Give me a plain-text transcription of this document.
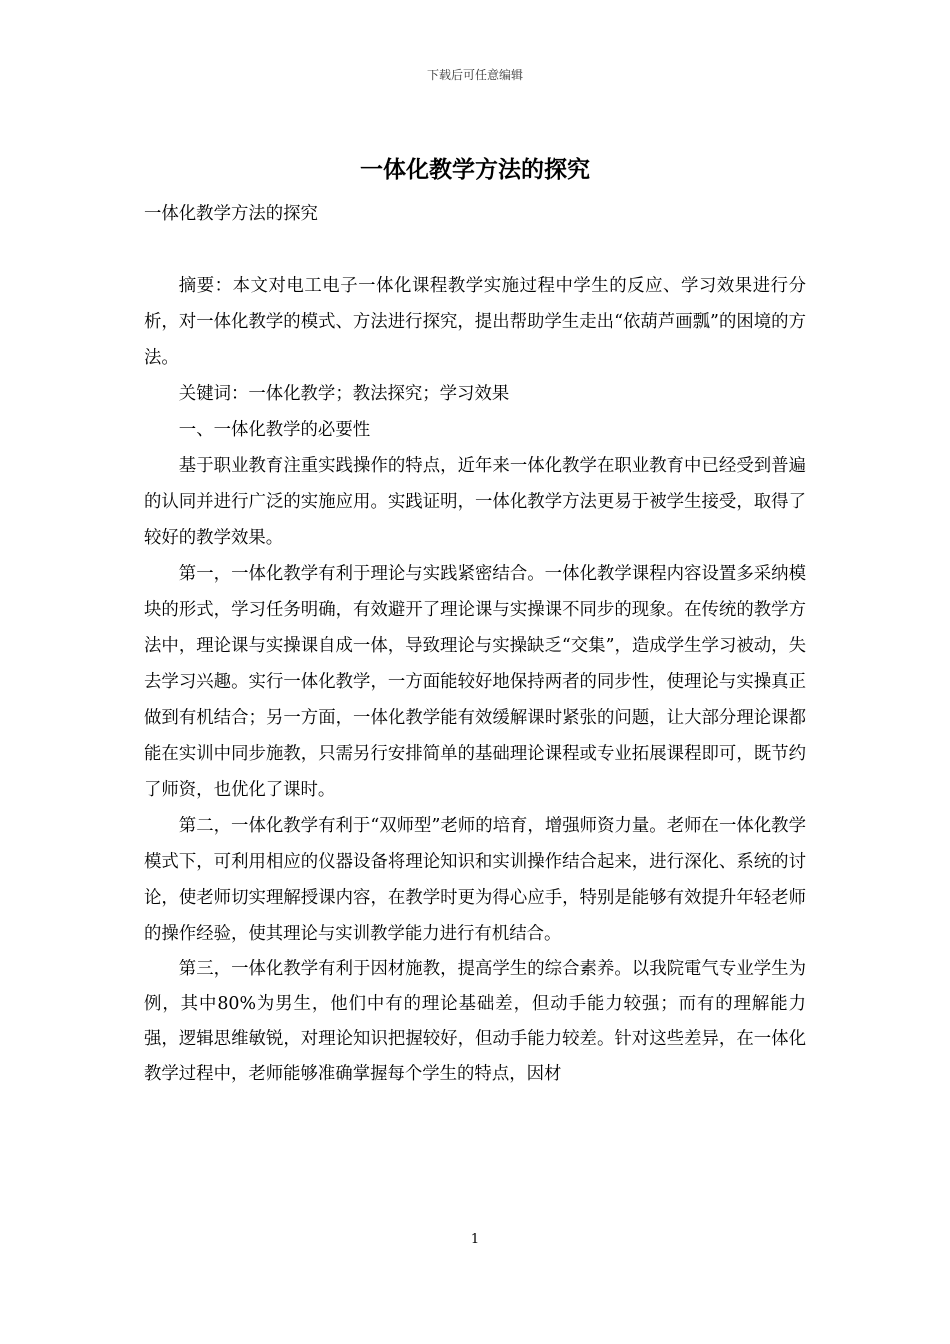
下载后可任意编辑
一体化教学方法的探究

一体化教学方法的探究

摘要：本文对电工电子一体化课程教学实施过程中学生的反应、学习效果进行分析，对一体化教学的模式、方法进行探究，提出帮助学生走出“依葫芦画瓢”的困境的方法。

关键词：一体化教学；教法探究；学习效果

一、一体化教学的必要性

基于职业教育注重实践操作的特点，近年来一体化教学在职业教育中已经受到普遍的认同并进行广泛的实施应用。实践证明，一体化教学方法更易于被学生接受，取得了较好的教学效果。

第一，一体化教学有利于理论与实践紧密结合。一体化教学课程内容设置多采纳模块的形式，学习任务明确，有效避开了理论课与实操课不同步的现象。在传统的教学方法中，理论课与实操课自成一体，导致理论与实操缺乏“交集”，造成学生学习被动，失去学习兴趣。实行一体化教学，一方面能较好地保持两者的同步性，使理论与实操真正做到有机结合；另一方面，一体化教学能有效缓解课时紧张的问题，让大部分理论课都能在实训中同步施教，只需另行安排简单的基础理论课程或专业拓展课程即可，既节约了师资，也优化了课时。

第二，一体化教学有利于“双师型”老师的培育，增强师资力量。老师在一体化教学模式下，可利用相应的仪器设备将理论知识和实训操作结合起来，进行深化、系统的讨论，使老师切实理解授课内容，在教学时更为得心应手，特别是能够有效提升年轻老师的操作经验，使其理论与实训教学能力进行有机结合。

第三，一体化教学有利于因材施教，提高学生的综合素养。以我院電气专业学生为例，其中80%为男生，他们中有的理论基础差，但动手能力较强；而有的理解能力强，逻辑思维敏锐，对理论知识把握较好，但动手能力较差。针对这些差异，在一体化教学过程中，老师能够准确掌握每个学生的特点，因材

1
